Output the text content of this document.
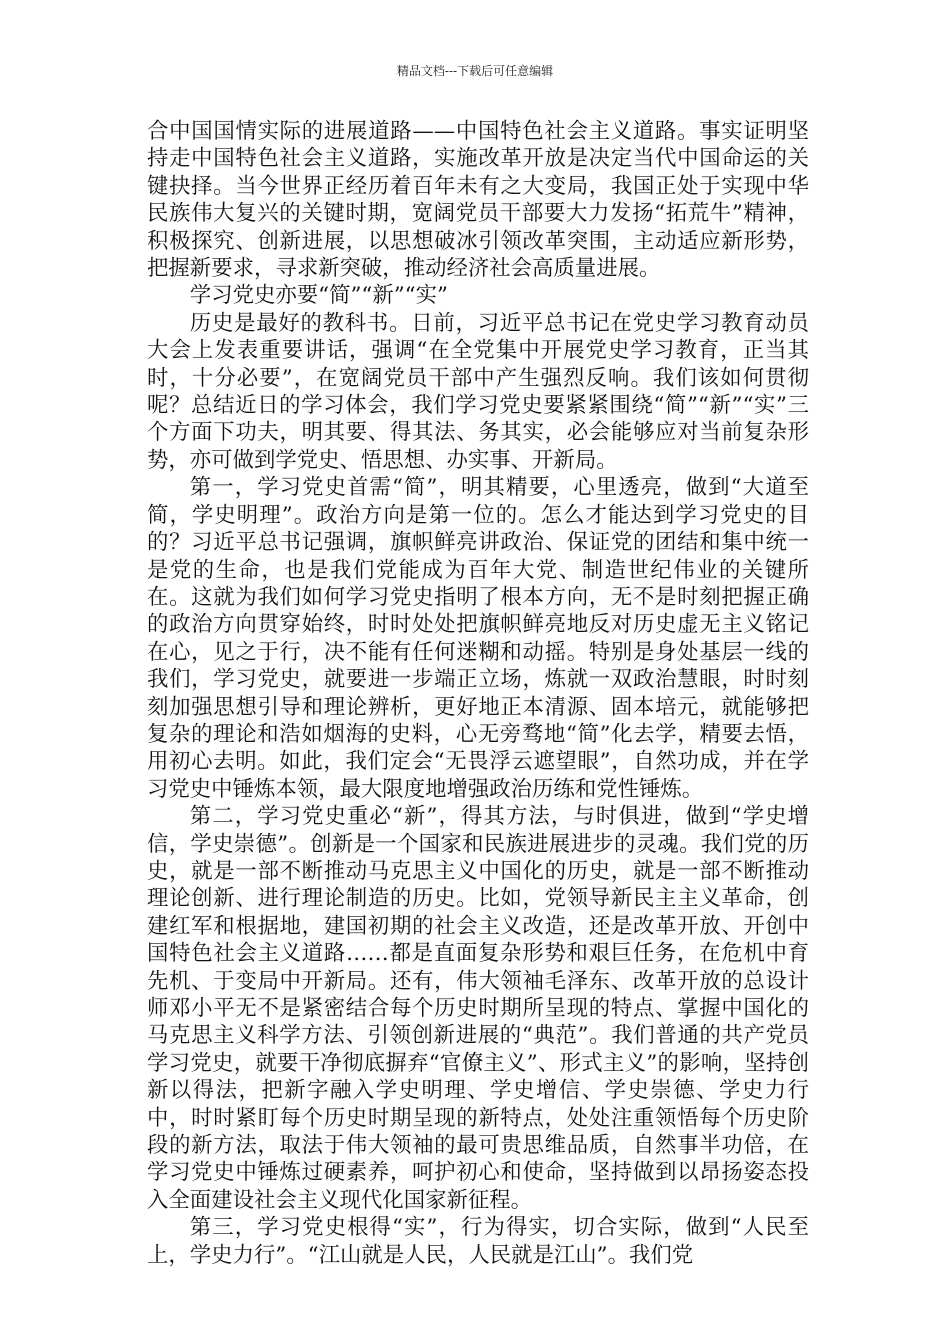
精品文档---下载后可任意编辑

合中国国情实际的进展道路——中国特色社会主义道路。事实证明坚持走中国特色社会主义道路，实施改革开放是决定当代中国命运的关键抉择。当今世界正经历着百年未有之大变局，我国正处于实现中华民族伟大复兴的关键时期，宽阔党员干部要大力发扬“拓荒牛”精神，积极探究、创新进展，以思想破冰引领改革突围，主动适应新形势，把握新要求，寻求新突破，推动经济社会高质量进展。

学习党史亦要“简”“新”“实”

历史是最好的教科书。日前，习近平总书记在党史学习教育动员大会上发表重要讲话，强调“在全党集中开展党史学习教育，正当其时，十分必要”，在宽阔党员干部中产生强烈反响。我们该如何贯彻呢？总结近日的学习体会，我们学习党史要紧紧围绕“简”“新”“实”三个方面下功夫，明其要、得其法、务其实，必会能够应对当前复杂形势，亦可做到学党史、悟思想、办实事、开新局。

第一，学习党史首需“简”，明其精要，心里透亮，做到“大道至简，学史明理”。政治方向是第一位的。怎么才能达到学习党史的目的？习近平总书记强调，旗帜鲜亮讲政治、保证党的团结和集中统一是党的生命，也是我们党能成为百年大党、制造世纪伟业的关键所在。这就为我们如何学习党史指明了根本方向，无不是时刻把握正确的政治方向贯穿始终，时时处处把旗帜鲜亮地反对历史虚无主义铭记在心，见之于行，决不能有任何迷糊和动摇。特别是身处基层一线的我们，学习党史，就要进一步端正立场，炼就一双政治慧眼，时时刻刻加强思想引导和理论辨析，更好地正本清源、固本培元，就能够把复杂的理论和浩如烟海的史料，心无旁骛地“简”化去学，精要去悟，用初心去明。如此，我们定会“无畏浮云遮望眼”，自然功成，并在学习党史中锤炼本领，最大限度地增强政治历练和党性锤炼。

第二，学习党史重必“新”，得其方法，与时俱进，做到“学史增信，学史崇德”。创新是一个国家和民族进展进步的灵魂。我们党的历史，就是一部不断推动马克思主义中国化的历史，就是一部不断推动理论创新、进行理论制造的历史。比如，党领导新民主主义革命，创建红军和根据地，建国初期的社会主义改造，还是改革开放、开创中国特色社会主义道路……都是直面复杂形势和艰巨任务，在危机中育先机、于变局中开新局。还有，伟大领袖毛泽东、改革开放的总设计师邓小平无不是紧密结合每个历史时期所呈现的特点、掌握中国化的马克思主义科学方法、引领创新进展的“典范”。我们普通的共产党员学习党史，就要干净彻底摒弃“官僚主义”、形式主义”的影响，坚持创新以得法，把新字融入学史明理、学史增信、学史崇德、学史力行中，时时紧盯每个历史时期呈现的新特点，处处注重领悟每个历史阶段的新方法，取法于伟大领袖的最可贵思维品质，自然事半功倍，在学习党史中锤炼过硬素养，呵护初心和使命，坚持做到以昂扬姿态投入全面建设社会主义现代化国家新征程。

第三，学习党史根得“实”，行为得实，切合实际，做到“人民至上，学史力行”。“江山就是人民，人民就是江山”。我们党
